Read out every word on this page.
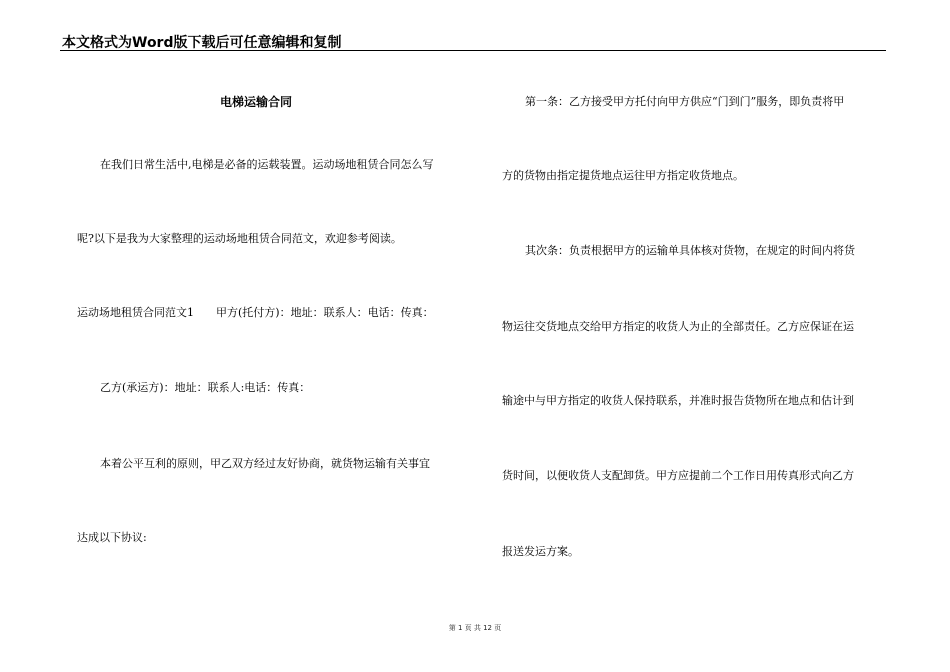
本文格式为Word版下载后可任意编辑和复制
电梯运输合同
在我们日常生活中,电梯是必备的运载装置。运动场地租赁合同怎么写
呢?以下是我为大家整理的运动场地租赁合同范文，欢迎参考阅读。
运动场地租赁合同范文1　　甲方(托付方)：地址：联系人：电话：传真：
乙方(承运方)：地址：联系人:电话：传真：
本着公平互利的原则，甲乙双方经过友好协商，就货物运输有关事宜
达成以下协议:
第一条：乙方接受甲方托付向甲方供应“门到门”服务，即负责将甲
方的货物由指定提货地点运往甲方指定收货地点。
其次条：负责根据甲方的运输单具体核对货物，在规定的时间内将货
物运往交货地点交给甲方指定的收货人为止的全部责任。乙方应保证在运
输途中与甲方指定的收货人保持联系，并准时报告货物所在地点和估计到
货时间，以便收货人支配卸货。甲方应提前二个工作日用传真形式向乙方
报送发运方案。
第 1 页 共 12 页
